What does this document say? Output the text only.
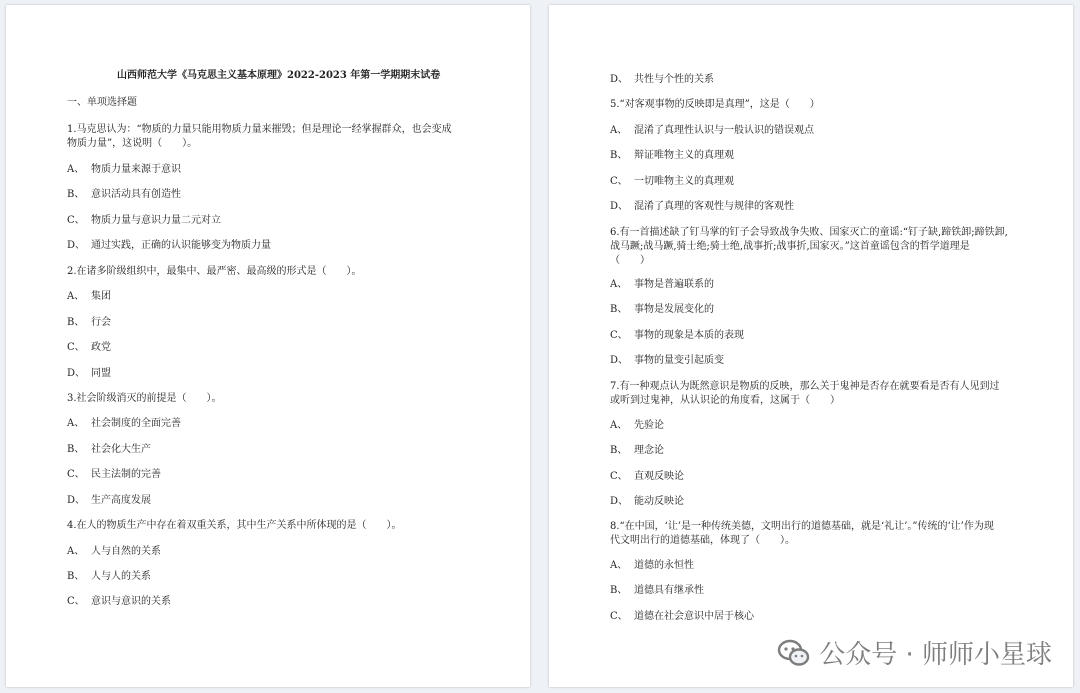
山西师范大学《马克思主义基本原理》2022-2023 年第一学期期末试卷
一、单项选择题
1.马克思认为：“物质的力量只能用物质力量来摧毁；但是理论一经掌握群众，也会变成
物质力量”，这说明（　　）。
A、 物质力量来源于意识
B、 意识活动具有创造性
C、 物质力量与意识力量二元对立
D、 通过实践，正确的认识能够变为物质力量
2.在诸多阶级组织中，最集中、最严密、最高级的形式是（　　）。
A、 集团
B、 行会
C、 政党
D、 同盟
3.社会阶级消灭的前提是（　　）。
A、 社会制度的全面完善
B、 社会化大生产
C、 民主法制的完善
D、 生产高度发展
4.在人的物质生产中存在着双重关系，其中生产关系中所体现的是（　　）。
A、 人与自然的关系
B、 人与人的关系
C、 意识与意识的关系
D、 共性与个性的关系
5.“对客观事物的反映即是真理”，这是（　　）
A、 混淆了真理性认识与一般认识的错误观点
B、 辩证唯物主义的真理观
C、 一切唯物主义的真理观
D、 混淆了真理的客观性与规律的客观性
6.有一首描述缺了钉马掌的钉子会导致战争失败、国家灭亡的童谣:“钉子缺,蹄铁卸;蹄铁卸,
战马蹶;战马蹶,骑士绝;骑士绝,战事折;战事折,国家灭。”这首童谣包含的哲学道理是
（　　）
A、 事物是普遍联系的
B、 事物是发展变化的
C、 事物的现象是本质的表现
D、 事物的量变引起质变
7.有一种观点认为既然意识是物质的反映，那么关于鬼神是否存在就要看是否有人见到过
或听到过鬼神，从认识论的角度看，这属于（　　）
A、 先验论
B、 理念论
C、 直观反映论
D、 能动反映论
8.“在中国，‘让’是一种传统美德，文明出行的道德基础，就是‘礼让’。”传统的‘让’作为现
代文明出行的道德基础，体现了（　　）。
A、 道德的永恒性
B、 道德具有继承性
C、 道德在社会意识中居于核心
公众号 · 师师小星球
